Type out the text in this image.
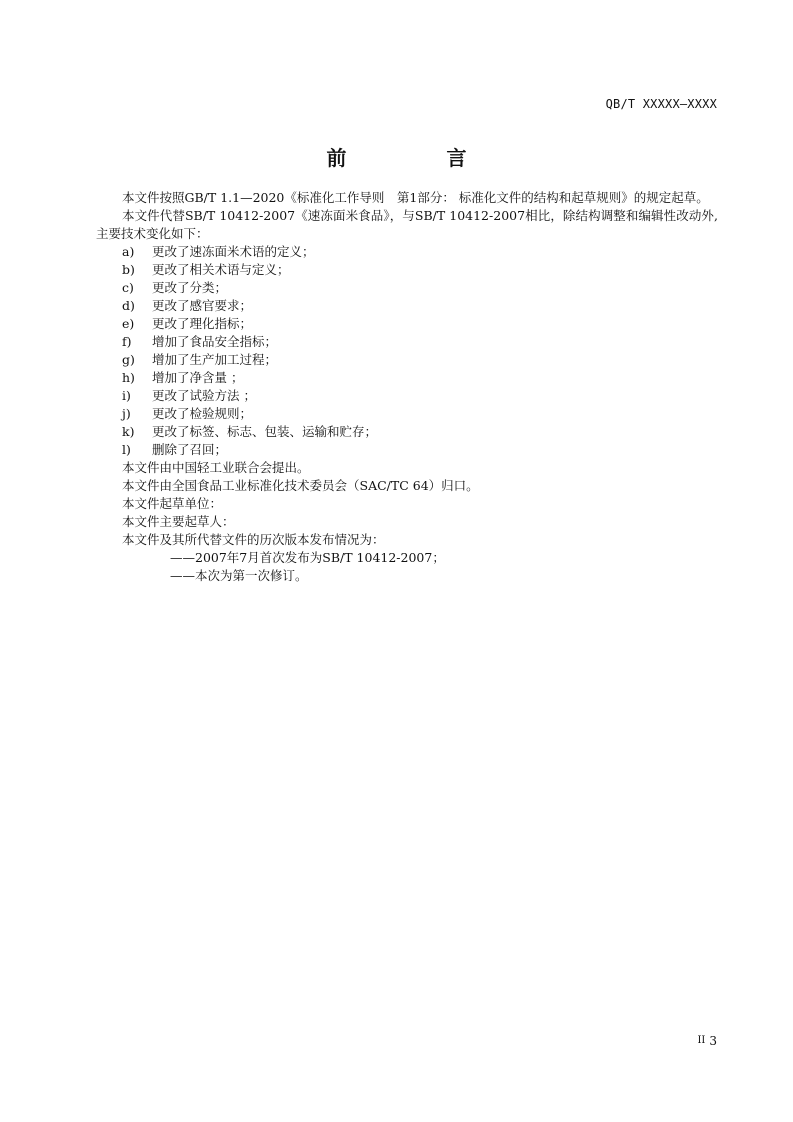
QB/T XXXXX—XXXX
前　言

本文件按照GB/T 1.1—2020《标准化工作导则　第1部分： 标准化文件的结构和起草规则》的规定起草。

本文件代替SB/T 10412-2007《速冻面米食品》，与SB/T 10412-2007相比，除结构调整和编辑性改动外,主要技术变化如下：

a) 更改了速冻面米术语的定义；
b) 更改了相关术语与定义；
c) 更改了分类；
d) 更改了感官要求；
e) 更改了理化指标；
f) 增加了食品安全指标；
g) 增加了生产加工过程；
h) 增加了净含量 ；
i) 更改了试验方法 ；
j) 更改了检验规则；
k) 更改了标签、标志、包装、运输和贮存；
l) 删除了召回；

本文件由中国轻工业联合会提出。

本文件由全国食品工业标准化技术委员会（SAC/TC 64）归口。

本文件起草单位：

本文件主要起草人：

本文件及其所代替文件的历次版本发布情况为：

——2007年7月首次发布为SB/T 10412-2007；
——本次为第一次修订。
II 3
